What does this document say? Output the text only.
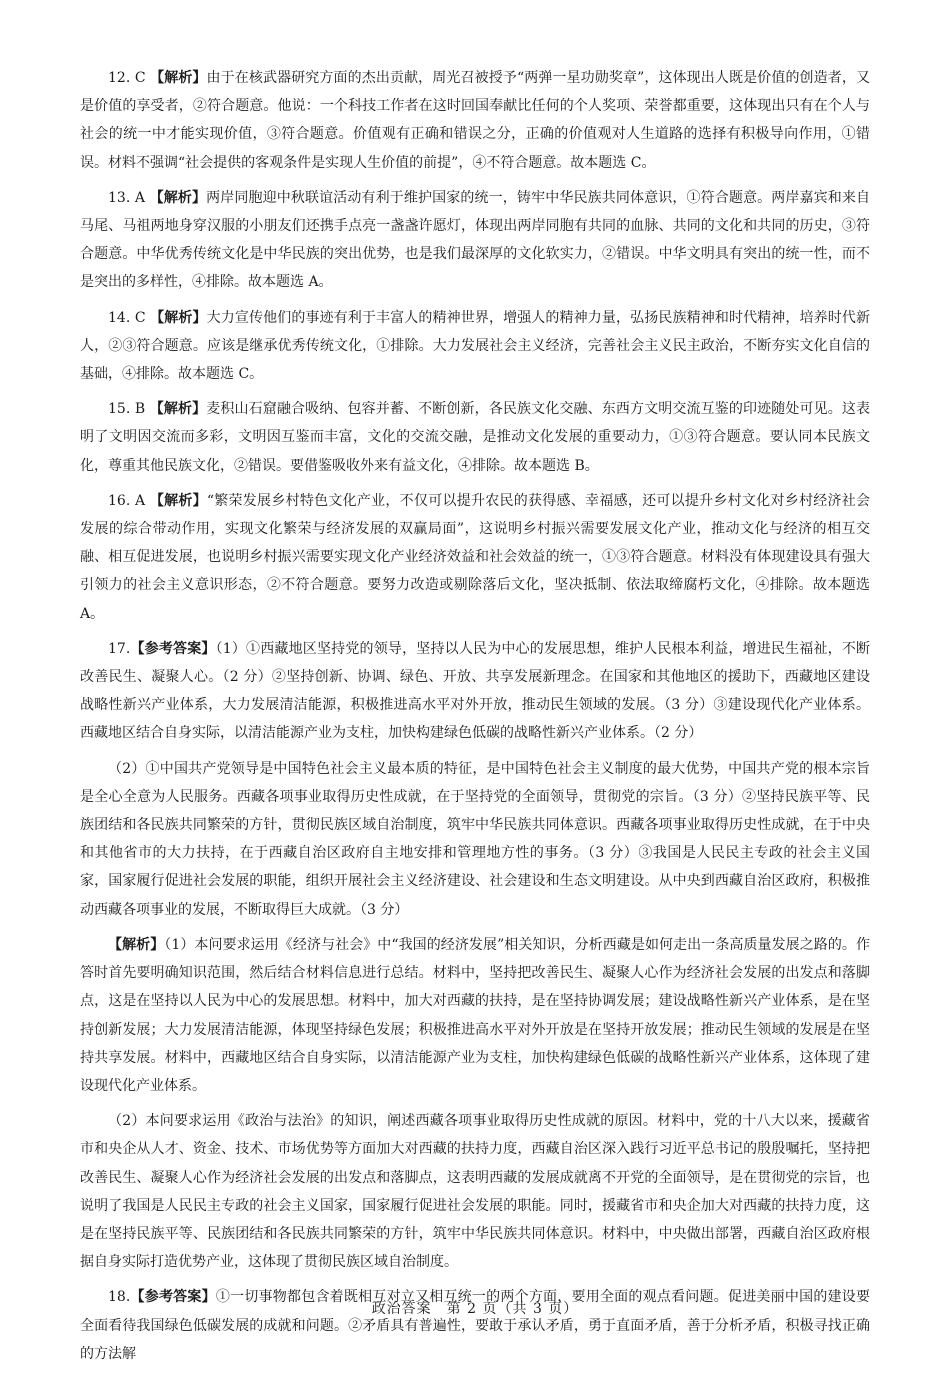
12. C 【解析】由于在核武器研究方面的杰出贡献，周光召被授予“两弹一星功勋奖章”，这体现出人既是价值的创造者，又是价值的享受者，②符合题意。他说：一个科技工作者在这时回国奉献比任何的个人奖项、荣誉都重要，这体现出只有在个人与社会的统一中才能实现价值，③符合题意。价值观有正确和错误之分，正确的价值观对人生道路的选择有积极导向作用，①错误。材料不强调“社会提供的客观条件是实现人生价值的前提”，④不符合题意。故本题选 C。

13. A 【解析】两岸同胞迎中秋联谊活动有利于维护国家的统一，铸牢中华民族共同体意识，①符合题意。两岸嘉宾和来自马尾、马祖两地身穿汉服的小朋友们还携手点亮一盏盏许愿灯，体现出两岸同胞有共同的血脉、共同的文化和共同的历史，③符合题意。中华优秀传统文化是中华民族的突出优势，也是我们最深厚的文化软实力，②错误。中华文明具有突出的统一性，而不是突出的多样性，④排除。故本题选 A。

14. C 【解析】大力宣传他们的事迹有利于丰富人的精神世界，增强人的精神力量，弘扬民族精神和时代精神，培养时代新人，②③符合题意。应该是继承优秀传统文化，①排除。大力发展社会主义经济，完善社会主义民主政治，不断夯实文化自信的基础，④排除。故本题选 C。

15. B 【解析】麦积山石窟融合吸纳、包容并蓄、不断创新，各民族文化交融、东西方文明交流互鉴的印迹随处可见。这表明了文明因交流而多彩，文明因互鉴而丰富，文化的交流交融，是推动文化发展的重要动力，①③符合题意。要认同本民族文化，尊重其他民族文化，②错误。要借鉴吸收外来有益文化，④排除。故本题选 B。

16. A 【解析】“繁荣发展乡村特色文化产业，不仅可以提升农民的获得感、幸福感，还可以提升乡村文化对乡村经济社会发展的综合带动作用，实现文化繁荣与经济发展的双赢局面”，这说明乡村振兴需要发展文化产业，推动文化与经济的相互交融、相互促进发展，也说明乡村振兴需要实现文化产业经济效益和社会效益的统一，①③符合题意。材料没有体现建设具有强大引领力的社会主义意识形态，②不符合题意。要努力改造或剔除落后文化，坚决抵制、依法取缔腐朽文化，④排除。故本题选 A。

17.【参考答案】（1）①西藏地区坚持党的领导，坚持以人民为中心的发展思想，维护人民根本利益，增进民生福祉，不断改善民生、凝聚人心。（2 分）②坚持创新、协调、绿色、开放、共享发展新理念。在国家和其他地区的援助下，西藏地区建设战略性新兴产业体系，大力发展清洁能源，积极推进高水平对外开放，推动民生领域的发展。（3 分）③建设现代化产业体系。西藏地区结合自身实际，以清洁能源产业为支柱，加快构建绿色低碳的战略性新兴产业体系。（2 分）

（2）①中国共产党领导是中国特色社会主义最本质的特征，是中国特色社会主义制度的最大优势，中国共产党的根本宗旨是全心全意为人民服务。西藏各项事业取得历史性成就，在于坚持党的全面领导，贯彻党的宗旨。（3 分）②坚持民族平等、民族团结和各民族共同繁荣的方针，贯彻民族区域自治制度，筑牢中华民族共同体意识。西藏各项事业取得历史性成就，在于中央和其他省市的大力扶持，在于西藏自治区政府自主地安排和管理地方性的事务。（3 分）③我国是人民民主专政的社会主义国家，国家履行促进社会发展的职能，组织开展社会主义经济建设、社会建设和生态文明建设。从中央到西藏自治区政府，积极推动西藏各项事业的发展，不断取得巨大成就。（3 分）

【解析】（1）本问要求运用《经济与社会》中“我国的经济发展”相关知识，分析西藏是如何走出一条高质量发展之路的。作答时首先要明确知识范围，然后结合材料信息进行总结。材料中，坚持把改善民生、凝聚人心作为经济社会发展的出发点和落脚点，这是在坚持以人民为中心的发展思想。材料中，加大对西藏的扶持，是在坚持协调发展；建设战略性新兴产业体系，是在坚持创新发展；大力发展清洁能源，体现坚持绿色发展；积极推进高水平对外开放是在坚持开放发展；推动民生领域的发展是在坚持共享发展。材料中，西藏地区结合自身实际，以清洁能源产业为支柱，加快构建绿色低碳的战略性新兴产业体系，这体现了建设现代化产业体系。

（2）本问要求运用《政治与法治》的知识，阐述西藏各项事业取得历史性成就的原因。材料中，党的十八大以来，援藏省市和央企从人才、资金、技术、市场优势等方面加大对西藏的扶持力度，西藏自治区深入践行习近平总书记的殷殷嘱托，坚持把改善民生、凝聚人心作为经济社会发展的出发点和落脚点，这表明西藏的发展成就离不开党的全面领导，是在贯彻党的宗旨，也说明了我国是人民民主专政的社会主义国家，国家履行促进社会发展的职能。同时，援藏省市和央企加大对西藏的扶持力度，这是在坚持民族平等、民族团结和各民族共同繁荣的方针，筑牢中华民族共同体意识。材料中，中央做出部署，西藏自治区政府根据自身实际打造优势产业，这体现了贯彻民族区域自治制度。

18.【参考答案】①一切事物都包含着既相互对立又相互统一的两个方面，要用全面的观点看问题。促进美丽中国的建设要全面看待我国绿色低碳发展的成就和问题。②矛盾具有普遍性，要敢于承认矛盾，勇于直面矛盾，善于分析矛盾，积极寻找正确的方法解

政治答案　第 2 页（共 3 页）
